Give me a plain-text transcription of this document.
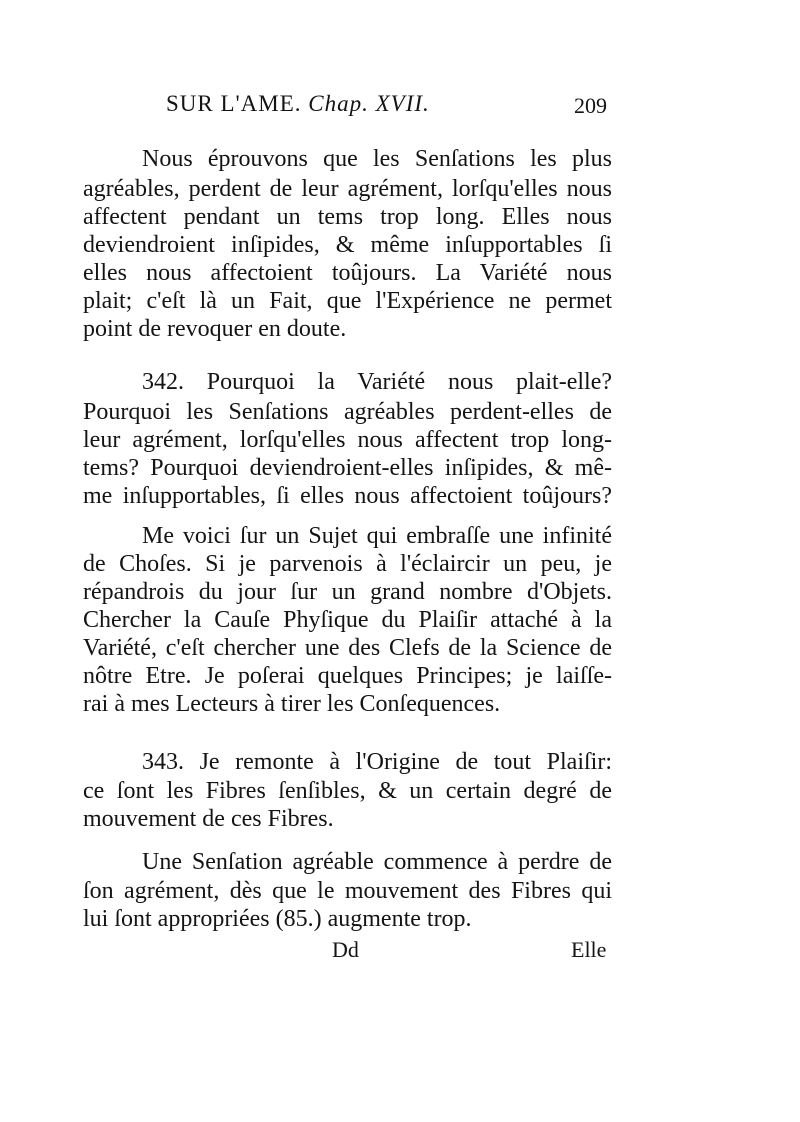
SUR L'AME. Chap. XVII.	209
Nous éprouvons que les Senſations les plus
agréables, perdent de leur agrément, lorſqu'elles nous
affectent pendant un tems trop long. Elles nous
deviendroient inſipides, & même inſupportables ſi
elles nous affectoient toûjours. La Variété nous
plait; c'eſt là un Fait, que l'Expérience ne permet
point de revoquer en doute.
342. Pourquoi la Variété nous plait-elle?
Pourquoi les Senſations agréables perdent-elles de
leur agrément, lorſqu'elles nous affectent trop long-
tems? Pourquoi deviendroient-elles inſipides, & mê-
me inſupportables, ſi elles nous affectoient toûjours?
Me voici ſur un Sujet qui embraſſe une infinité
de Choſes. Si je parvenois à l'éclaircir un peu, je
répandrois du jour ſur un grand nombre d'Objets.
Chercher la Cauſe Phyſique du Plaiſir attaché à la
Variété, c'eſt chercher une des Clefs de la Science de
nôtre Etre. Je poſerai quelques Principes; je laiſſe-
rai à mes Lecteurs à tirer les Conſequences.
343. Je remonte à l'Origine de tout Plaiſir:
ce ſont les Fibres ſenſibles, & un certain degré de
mouvement de ces Fibres.
Une Senſation agréable commence à perdre de
ſon agrément, dès que le mouvement des Fibres qui
lui ſont appropriées (85.) augmente trop.
Dd	Elle
